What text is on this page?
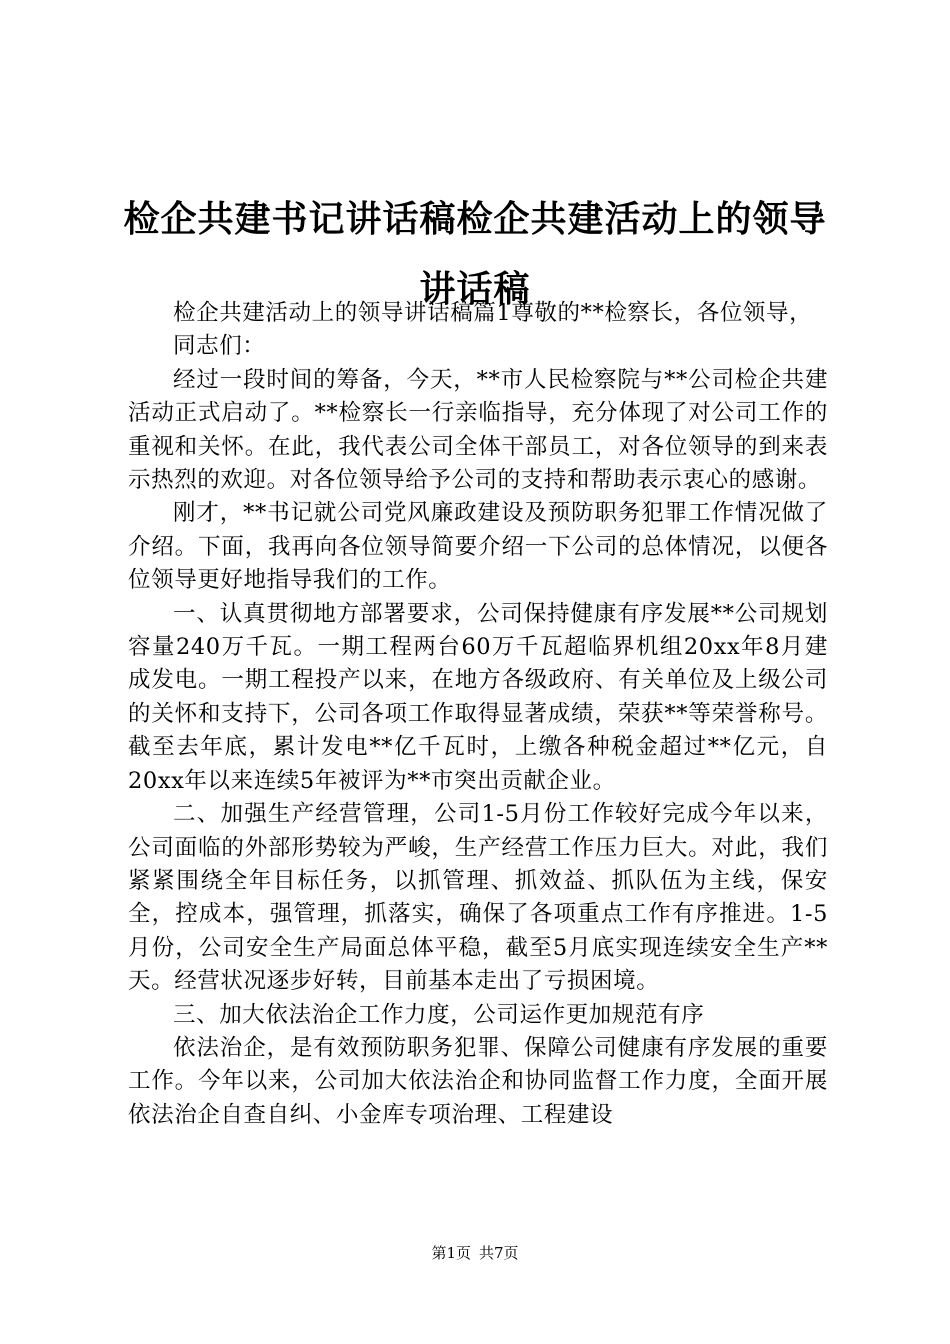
检企共建书记讲话稿检企共建活动上的领导讲话稿

检企共建活动上的领导讲话稿篇1尊敬的**检察长，各位领导，

同志们：

经过一段时间的筹备，今天，**市人民检察院与**公司检企共建活动正式启动了。**检察长一行亲临指导，充分体现了对公司工作的重视和关怀。在此，我代表公司全体干部员工，对各位领导的到来表示热烈的欢迎。对各位领导给予公司的支持和帮助表示衷心的感谢。

刚才，**书记就公司党风廉政建设及预防职务犯罪工作情况做了介绍。下面，我再向各位领导简要介绍一下公司的总体情况，以便各位领导更好地指导我们的工作。

一、认真贯彻地方部署要求，公司保持健康有序发展**公司规划容量240万千瓦。一期工程两台60万千瓦超临界机组20xx年8月建成发电。一期工程投产以来，在地方各级政府、有关单位及上级公司的关怀和支持下，公司各项工作取得显著成绩，荣获**等荣誉称号。截至去年底，累计发电**亿千瓦时，上缴各种税金超过**亿元，自20xx年以来连续5年被评为**市突出贡献企业。

二、加强生产经营管理，公司1-5月份工作较好完成今年以来，公司面临的外部形势较为严峻，生产经营工作压力巨大。对此，我们紧紧围绕全年目标任务，以抓管理、抓效益、抓队伍为主线，保安全，控成本，强管理，抓落实，确保了各项重点工作有序推进。1-5月份，公司安全生产局面总体平稳，截至5月底实现连续安全生产**天。经营状况逐步好转，目前基本走出了亏损困境。

三、加大依法治企工作力度，公司运作更加规范有序

依法治企，是有效预防职务犯罪、保障公司健康有序发展的重要工作。今年以来，公司加大依法治企和协同监督工作力度，全面开展依法治企自查自纠、小金库专项治理、工程建设

第1页 共7页
